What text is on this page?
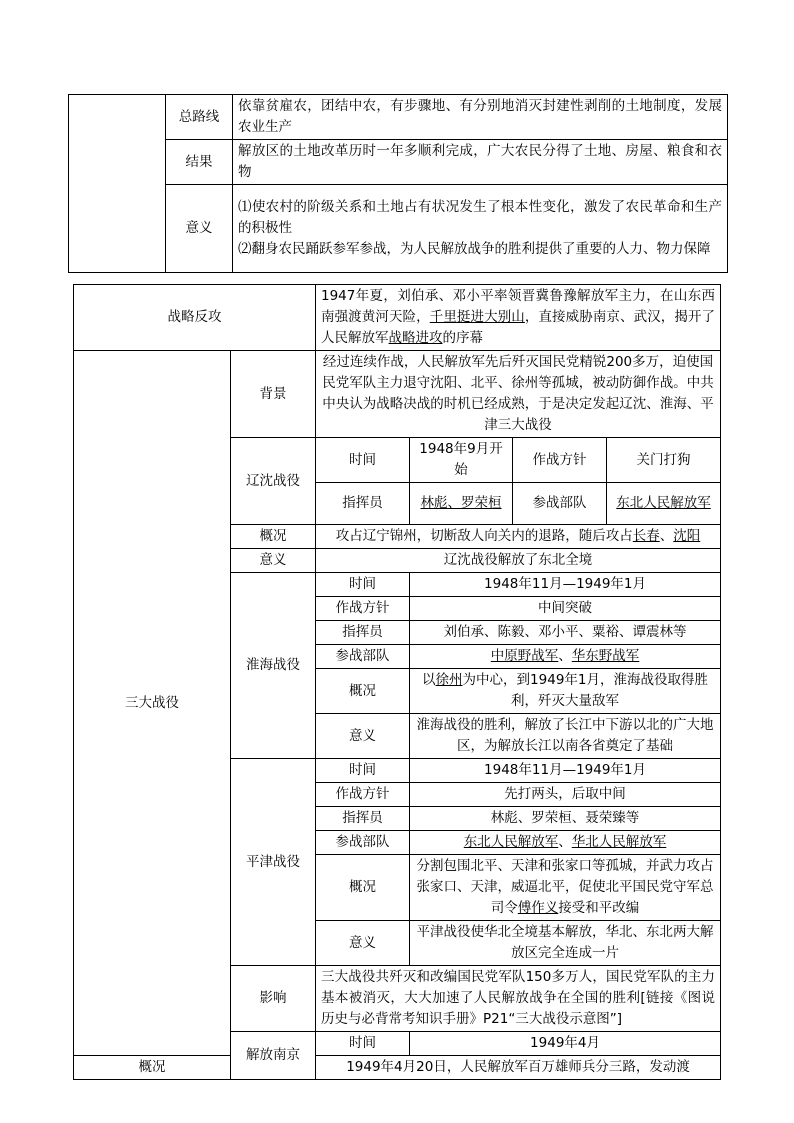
	总路线	依靠贫雇农，团结中农，有步骤地、有分别地消灭封建性剥削的土地制度，发展农业生产
	结果	解放区的土地改革历时一年多顺利完成，广大农民分得了土地、房屋、粮食和衣物
	意义	⑴使农村的阶级关系和土地占有状况发生了根本性变化，激发了农民革命和生产的积极性
⑵翻身农民踊跃参军参战，为人民解放战争的胜利提供了重要的人力、物力保障
战略反攻		1947年夏，刘伯承、邓小平率领晋冀鲁豫解放军主力，在山东西南强渡黄河天险，千里挺进大别山，直接威胁南京、武汉，揭开了人民解放军战略进攻的序幕			
三大战役	背景	经过连续作战，人民解放军先后歼灭国民党精锐200多万，迫使国民党军队主力退守沈阳、北平、徐州等孤城，被动防御作战。中共中央认为战略决战的时机已经成熟，于是决定发起辽沈、淮海、平津三大战役			
	辽沈战役	时间	1948年9月开始	作战方针	关门打狗
		指挥员	林彪、罗荣桓	参战部队	东北人民解放军
	概况	攻占辽宁锦州，切断敌人向关内的退路，随后攻占长春、沈阳			
	意义	辽沈战役解放了东北全境			
	淮海战役	时间	1948年11月—1949年1月		
		作战方针	中间突破		
		指挥员	刘伯承、陈毅、邓小平、粟裕、谭震林等		
		参战部队	中原野战军、华东野战军		
		概况	以徐州为中心，到1949年1月，淮海战役取得胜利，歼灭大量敌军		
		意义	淮海战役的胜利，解放了长江中下游以北的广大地区，为解放长江以南各省奠定了基础		
	平津战役	时间	1948年11月—1949年1月		
		作战方针	先打两头，后取中间		
		指挥员	林彪、罗荣桓、聂荣臻等		
		参战部队	东北人民解放军、华北人民解放军		
		概况	分割包围北平、天津和张家口等孤城，并武力攻占张家口、天津，威逼北平，促使北平国民党守军总司令傅作义接受和平改编		
		意义	平津战役使华北全境基本解放，华北、东北两大解放区完全连成一片		
	影响	三大战役共歼灭和改编国民党军队150多万人，国民党军队的主力基本被消灭，大大加速了人民解放战争在全国的胜利[链接《图说历史与必背常考知识手册》P21“三大战役示意图”]			
	解放南京	时间	1949年4月		
概况		1949年4月20日，人民解放军百万雄师兵分三路，发动渡			
